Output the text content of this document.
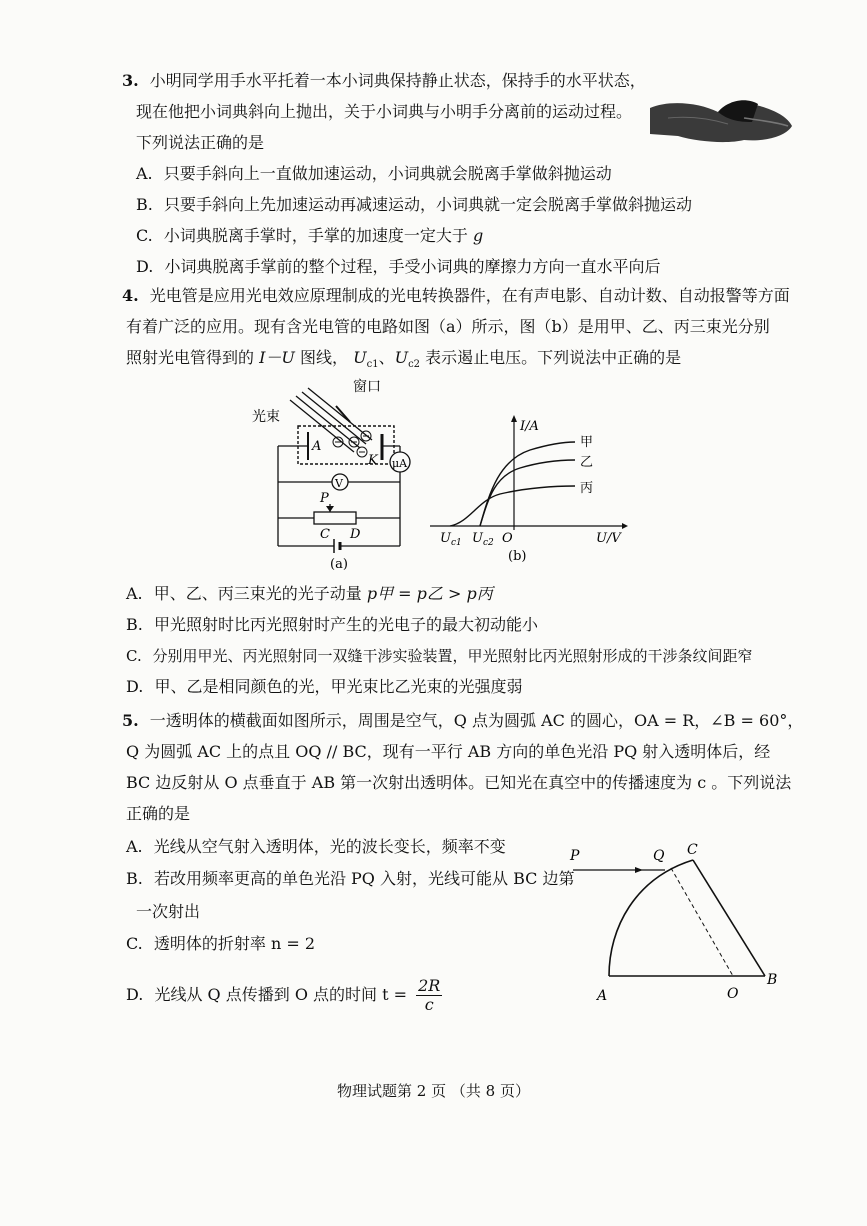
3. 小明同学用手水平托着一本小词典保持静止状态，保持手的水平状态，
现在他把小词典斜向上抛出，关于小词典与小明手分离前的运动过程。
下列说法正确的是
A. 只要手斜向上一直做加速运动，小词典就会脱离手掌做斜抛运动
B. 只要手斜向上先加速运动再减速运动，小词典就一定会脱离手掌做斜抛运动
C. 小词典脱离手掌时，手掌的加速度一定大于 g
D. 小词典脱离手掌前的整个过程，手受小词典的摩擦力方向一直水平向后
4. 光电管是应用光电效应原理制成的光电转换器件，在有声电影、自动计数、自动报警等方面
有着广泛的应用。现有含光电管的电路如图（a）所示，图（b）是用甲、乙、丙三束光分别
照射光电管得到的 I－U 图线， $U_{c1}$、$U_{c2}$ 表示遏止电压。下列说法中正确的是
窗口
光束
A
K μA
V
P
C D
(a)
I/A
U/V
O
$U_{c1}$ $U_{c2}$
甲
乙
丙
(b)
A. 甲、乙、丙三束光的光子动量 p甲 = p乙 > p丙
B. 甲光照射时比丙光照射时产生的光电子的最大初动能小
C. 分别用甲光、丙光照射同一双缝干涉实验装置，甲光照射比丙光照射形成的干涉条纹间距窄
D. 甲、乙是相同颜色的光，甲光束比乙光束的光强度弱
5. 一透明体的横截面如图所示，周围是空气，Q 点为圆弧 AC 的圆心，OA = R，∠B = 60°，
Q 为圆弧 AC 上的点且 OQ // BC，现有一平行 AB 方向的单色光沿 PQ 射入透明体后，经
BC 边反射从 O 点垂直于 AB 第一次射出透明体。已知光在真空中的传播速度为 c 。下列说法
正确的是
A. 光线从空气射入透明体，光的波长变长，频率不变
B. 若改用频率更高的单色光沿 PQ 入射，光线可能从 BC 边第
一次射出
C. 透明体的折射率 n = 2
D. 光线从 Q 点传播到 O 点的时间 $t = \frac{2R}{c}$
P	Q C
A	O
B
物理试题第 2 页 （共 8 页）
